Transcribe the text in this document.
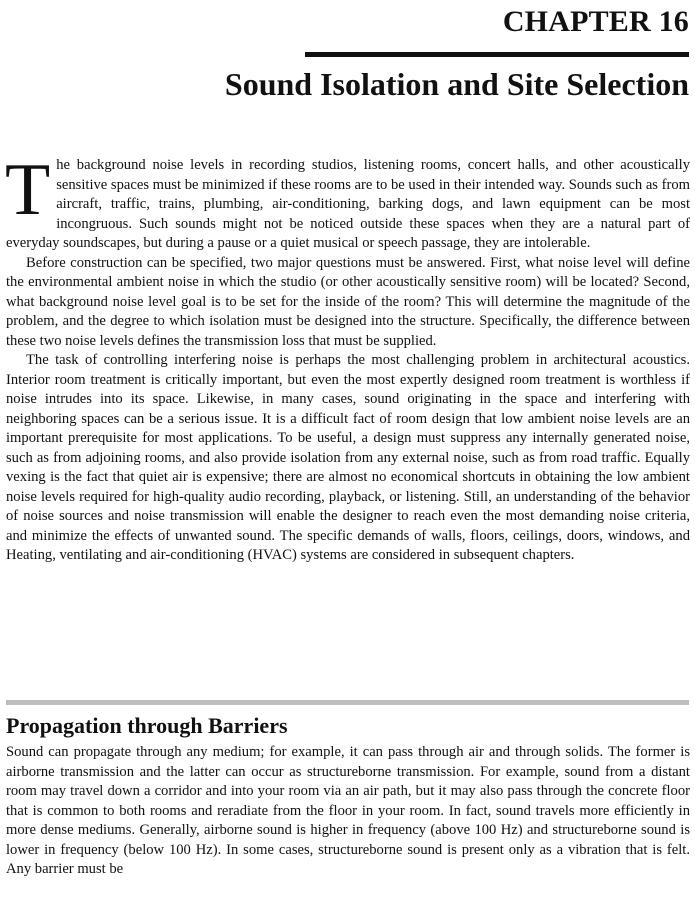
CHAPTER 16
Sound Isolation and Site Selection

The background noise levels in recording studios, listening rooms, concert halls, and other acoustically sensitive spaces must be minimized if these rooms are to be used in their intended way. Sounds such as from aircraft, traffic, trains, plumbing, air-conditioning, barking dogs, and lawn equipment can be most incongruous. Such sounds might not be noticed outside these spaces when they are a natural part of everyday soundscapes, but during a pause or a quiet musical or speech passage, they are intolerable.

Before construction can be specified, two major questions must be answered. First, what noise level will define the environmental ambient noise in which the studio (or other acoustically sensitive room) will be located? Second, what background noise level goal is to be set for the inside of the room? This will determine the magnitude of the problem, and the degree to which isolation must be designed into the structure. Specifically, the difference between these two noise levels defines the transmission loss that must be supplied.

The task of controlling interfering noise is perhaps the most challenging problem in architectural acoustics. Interior room treatment is critically important, but even the most expertly designed room treatment is worthless if noise intrudes into its space. Likewise, in many cases, sound originating in the space and interfering with neighboring spaces can be a serious issue. It is a difficult fact of room design that low ambient noise levels are an important prerequisite for most applications. To be useful, a design must suppress any internally generated noise, such as from adjoining rooms, and also provide isolation from any external noise, such as from road traffic. Equally vexing is the fact that quiet air is expensive; there are almost no economical shortcuts in obtaining the low ambient noise levels required for high-quality audio recording, playback, or listening. Still, an understanding of the behavior of noise sources and noise transmission will enable the designer to reach even the most demanding noise criteria, and minimize the effects of unwanted sound. The specific demands of walls, floors, ceilings, doors, windows, and Heating, ventilating and air-conditioning (HVAC) systems are considered in subsequent chapters.

Propagation through Barriers

Sound can propagate through any medium; for example, it can pass through air and through solids. The former is airborne transmission and the latter can occur as structureborne transmission. For example, sound from a distant room may travel down a corridor and into your room via an air path, but it may also pass through the concrete floor that is common to both rooms and reradiate from the floor in your room. In fact, sound travels more efficiently in more dense mediums. Generally, airborne sound is higher in frequency (above 100 Hz) and structureborne sound is lower in frequency (below 100 Hz). In some cases, structureborne sound is present only as a vibration that is felt. Any barrier must be
